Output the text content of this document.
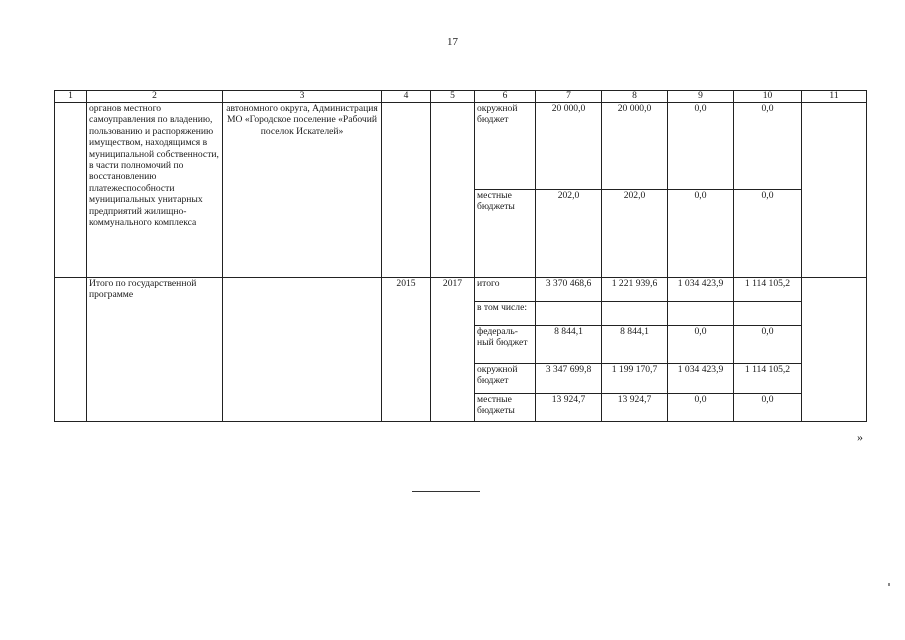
17
1	2	3	4	5	6	7	8	9	10	11
	органов местного самоуправления по владению, пользованию и распоряжению имуществом, находящимся в муниципальной собственности, в части полномочий по восстановлению платежеспособности муниципальных унитарных предприятий жилищно-коммунального комплекса	автономного округа, Администрация МО «Городское поселение «Рабочий поселок Искателей»			окружной бюджет	20 000,0	20 000,0	0,0	0,0	
					местные бюджеты	202,0	202,0	0,0	0,0	
	Итого по государственной программе		2015	2017	итого	3 370 468,6	1 221 939,6	1 034 423,9	1 114 105,2	
					в том числе:					
					федераль-ный бюджет	8 844,1	8 844,1	0,0	0,0	
					окружной бюджет	3 347 699,8	1 199 170,7	1 034 423,9	1 114 105,2	
					местные бюджеты	13 924,7	13 924,7	0,0	0,0	
»
